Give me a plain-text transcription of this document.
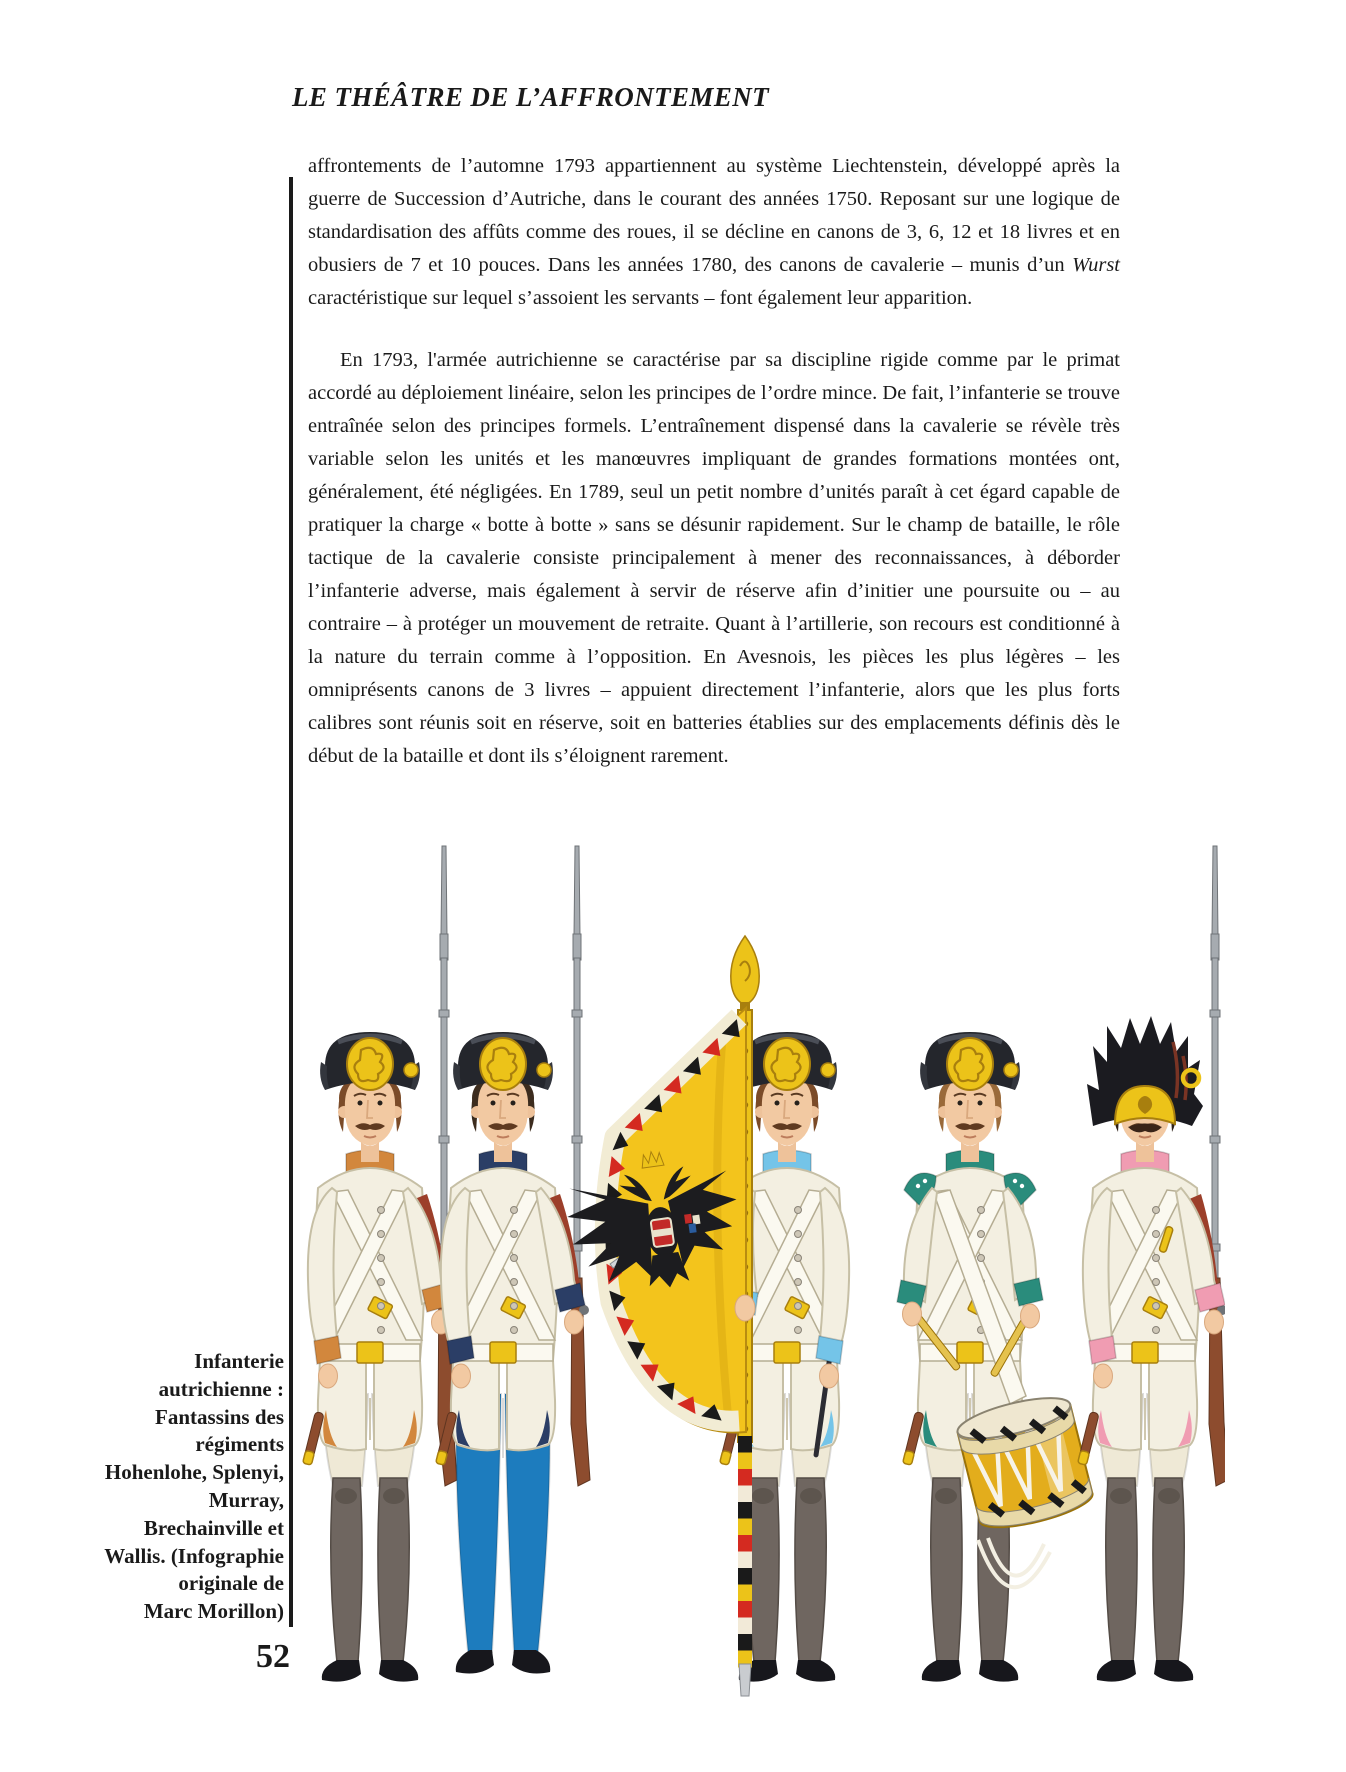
LE THÉÂTRE DE L’AFFRONTEMENT

affrontements de l’automne 1793 appartiennent au système Liechtenstein, développé après la guerre de Succession d’Autriche, dans le courant des années 1750. Reposant sur une logique de standardisation des affûts comme des roues, il se décline en canons de 3, 6, 12 et 18 livres et en obusiers de 7 et 10 pouces. Dans les années 1780, des canons de cavalerie – munis d’un Wurst caractéristique sur lequel s’assoient les servants – font également leur apparition.

En 1793, l'armée autrichienne se caractérise par sa discipline rigide comme par le primat accordé au déploiement linéaire, selon les principes de l’ordre mince. De fait, l’infanterie se trouve entraînée selon des principes formels. L’entraînement dispensé dans la cavalerie se révèle très variable selon les unités et les manœuvres impliquant de grandes formations montées ont, généralement, été négligées. En 1789, seul un petit nombre d’unités paraît à cet égard capable de pratiquer la charge « botte à botte » sans se désunir rapidement. Sur le champ de bataille, le rôle tactique de la cavalerie consiste principalement à mener des reconnaissances, à déborder l’infanterie adverse, mais également à servir de réserve afin d’initier une poursuite ou – au contraire – à protéger un mouvement de retraite. Quant à l’artillerie, son recours est conditionné à la nature du terrain comme à l’opposition. En Avesnois, les pièces les plus légères – les omniprésents canons de 3 livres – appuient directement l’infanterie, alors que les plus forts calibres sont réunis soit en réserve, soit en batteries établies sur des emplacements définis dès le début de la bataille et dont ils s’éloignent rarement.

Infanterie
autrichienne :
Fantassins des
régiments
Hohenlohe, Splenyi,
Murray,
Brechainville et
Wallis. (Infographie
originale de
Marc Morillon)
52
